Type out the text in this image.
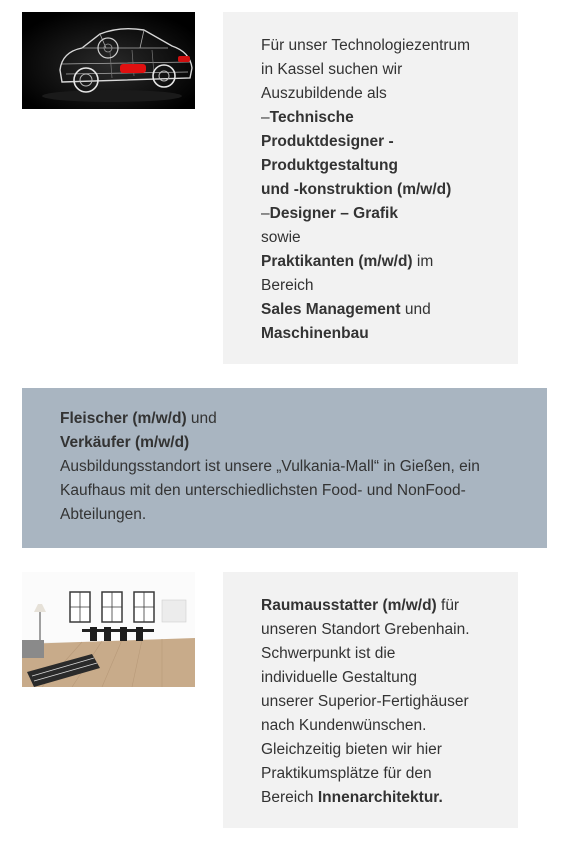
Für unser Technologiezentrum
in Kassel suchen wir
Auszubildende als
–Technische
Produktdesigner -
Produktgestaltung
und -konstruktion (m/w/d)
–Designer – Grafik
sowie
Praktikanten (m/w/d) im
Bereich
Sales Management und
Maschinenbau
Fleischer (m/w/d) und
Verkäufer (m/w/d)
Ausbildungsstandort ist unsere „Vulkania-Mall“ in Gießen, ein
Kaufhaus mit den unterschiedlichsten Food- und NonFood-
Abteilungen.
Raumausstatter (m/w/d) für
unseren Standort Grebenhain.
Schwerpunkt ist die
individuelle Gestaltung
unserer Superior-Fertighäuser
nach Kundenwünschen.
Gleichzeitig bieten wir hier
Praktikumsplätze für den
Bereich Innenarchitektur.
